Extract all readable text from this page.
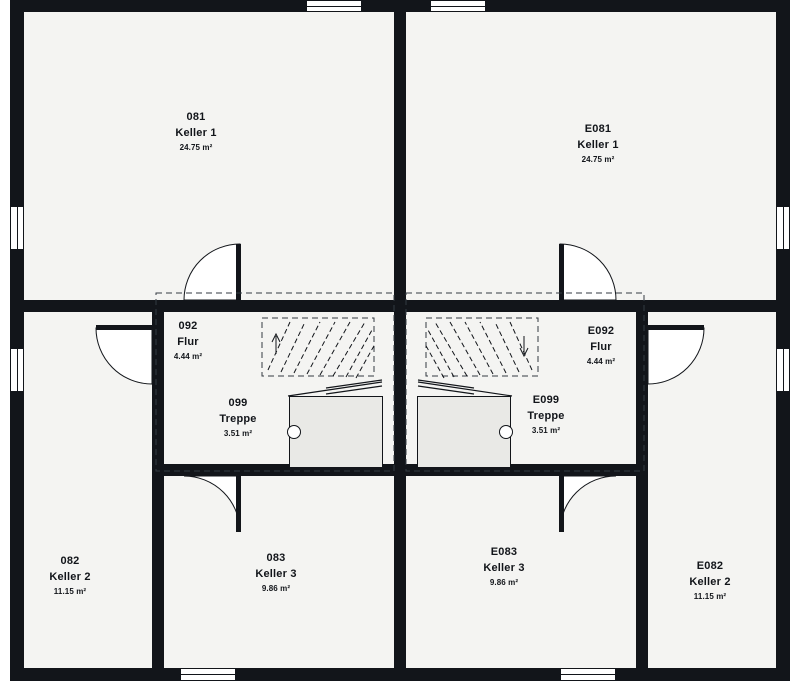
081
Keller 1
24.75 m²
E081
Keller 1
24.75 m²
092
Flur
4.44 m²
E092
Flur
4.44 m²
099
Treppe
3.51 m²
E099
Treppe
3.51 m²
082
Keller 2
11.15 m²
083
Keller 3
9.86 m²
E083
Keller 3
9.86 m²
E082
Keller 2
11.15 m²
